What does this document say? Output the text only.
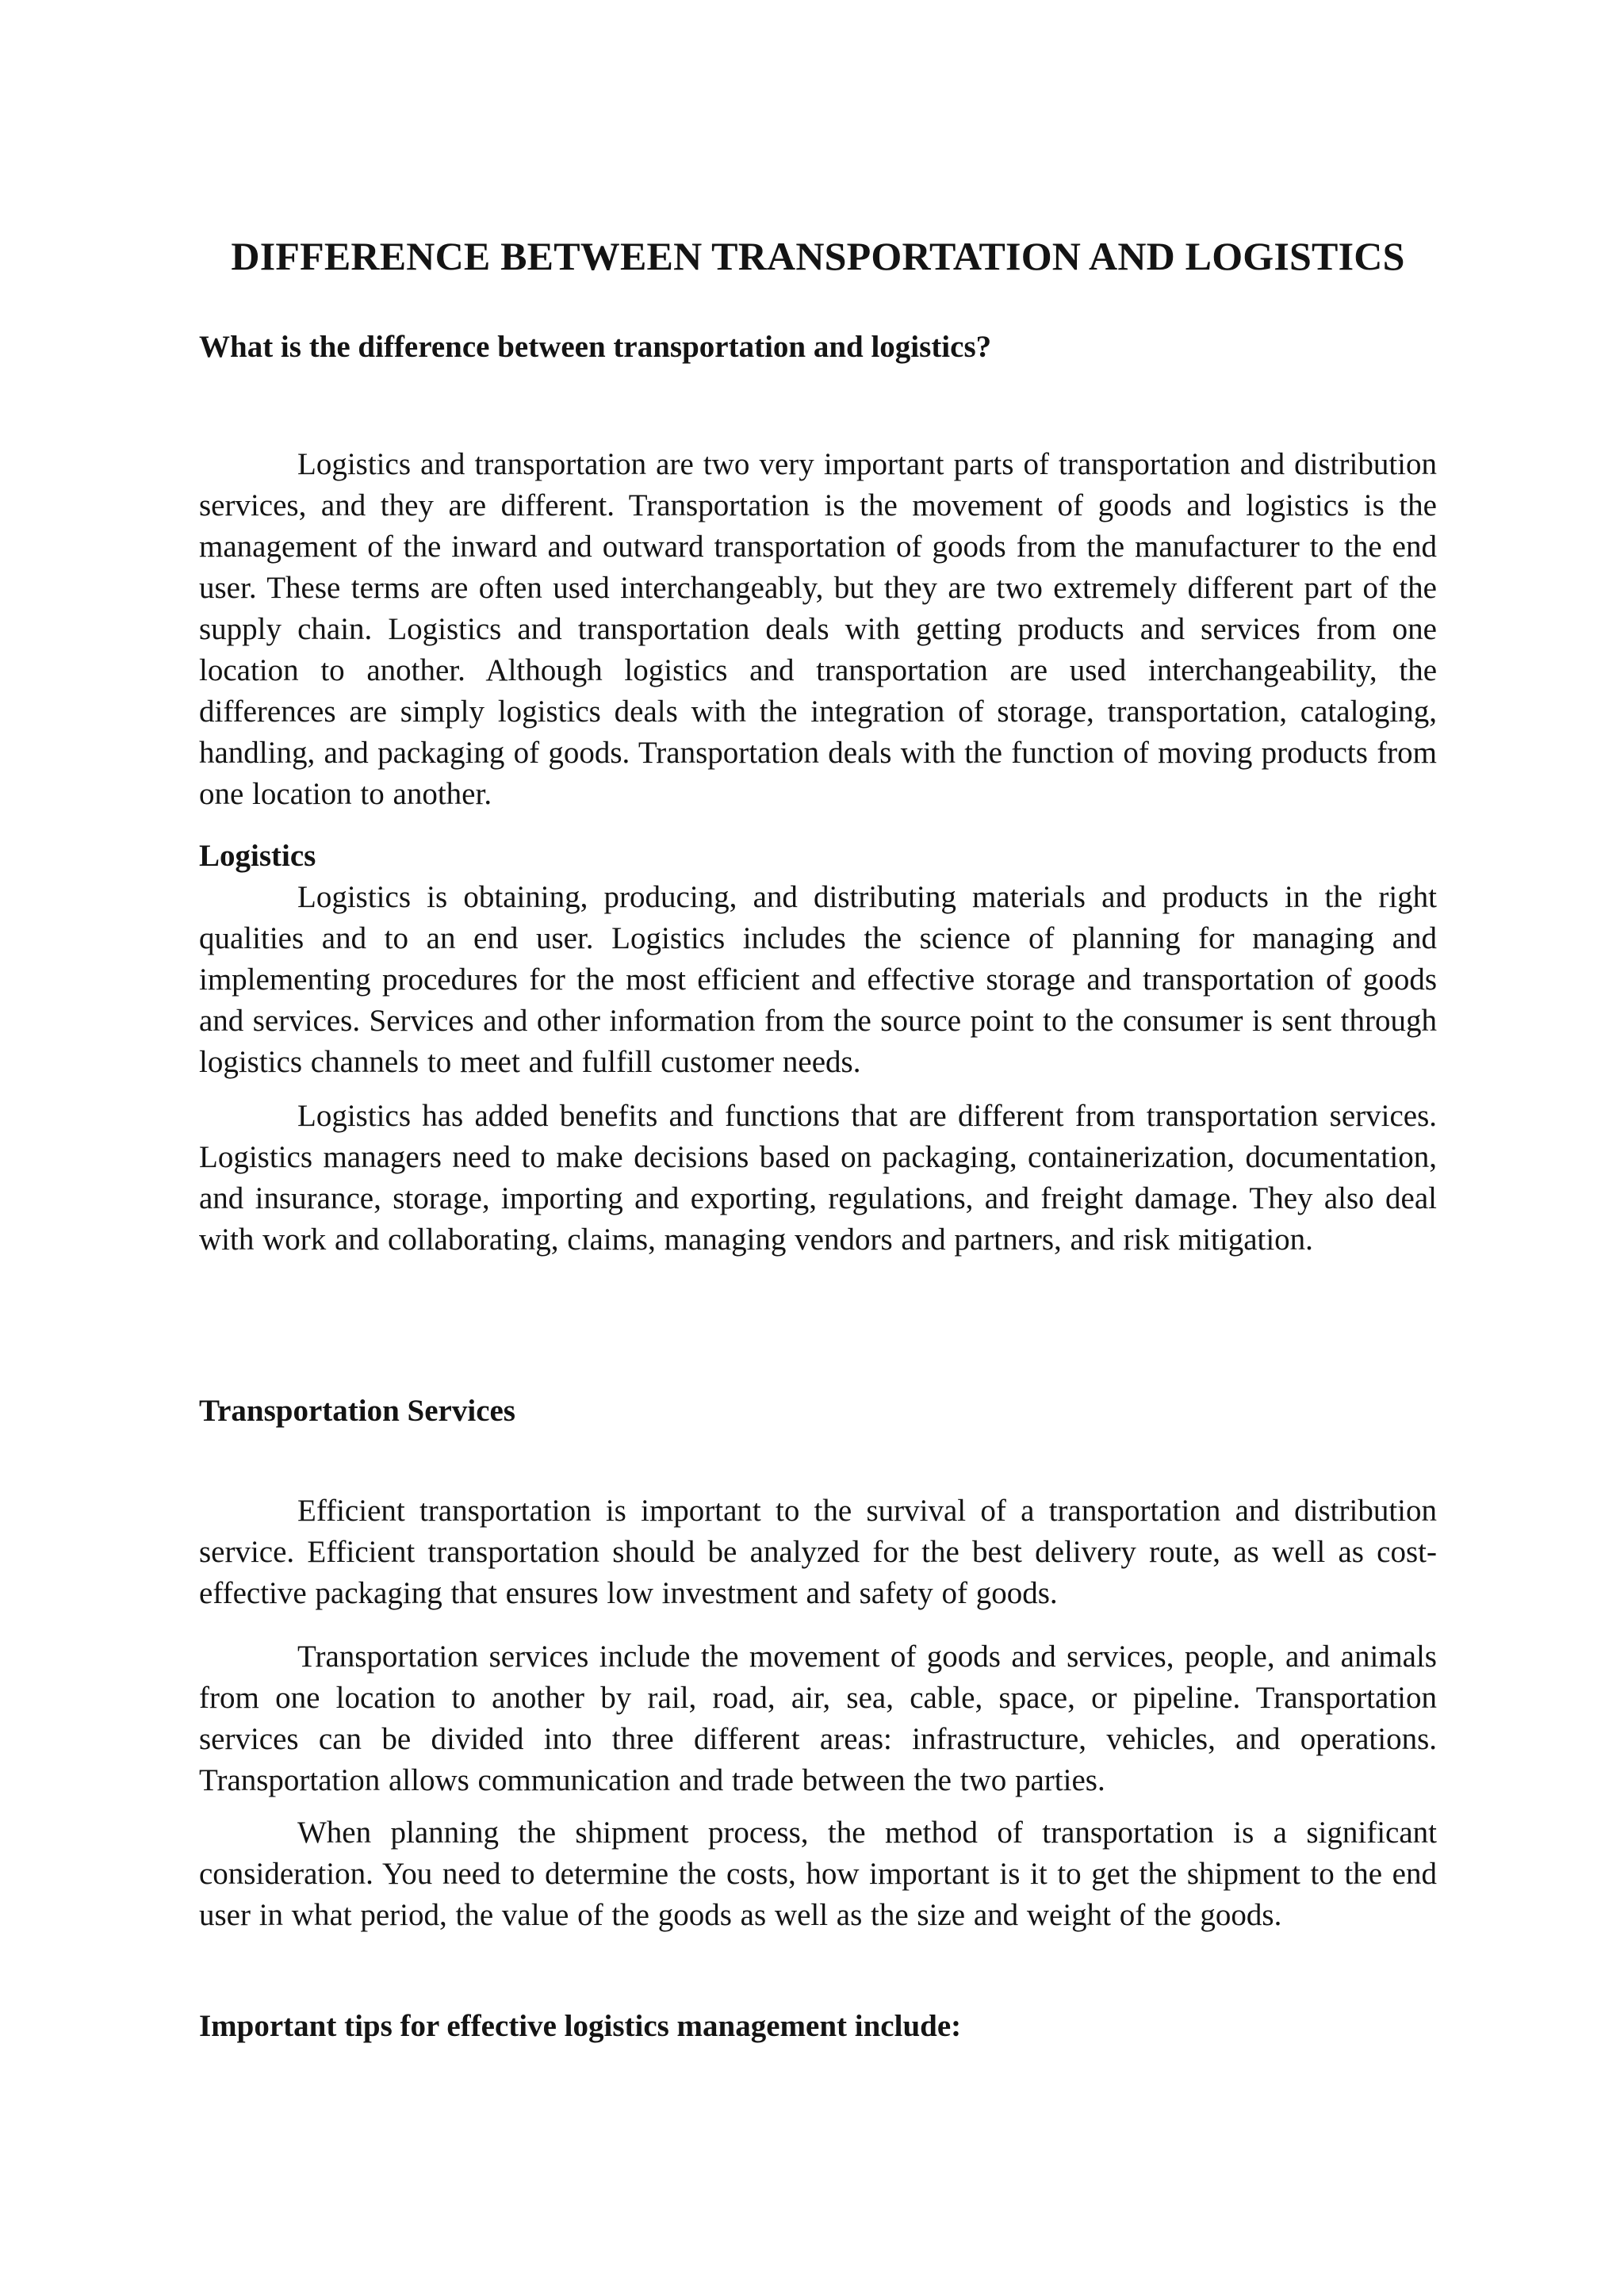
DIFFERENCE BETWEEN TRANSPORTATION AND LOGISTICS
What is the difference between transportation and logistics?

Logistics and transportation are two very important parts of transportation and distribution services, and they are different. Transportation is the movement of goods and logistics is the management of the inward and outward transportation of goods from the manufacturer to the end user. These terms are often used interchangeably, but they are two extremely different part of the supply chain. Logistics and transportation deals with getting products and services from one location to another. Although logistics and transportation are used interchangeability, the differences are simply logistics deals with the integration of storage, transportation, cataloging, handling, and packaging of goods. Transportation deals with the function of moving products from one location to another.

Logistics

Logistics is obtaining, producing, and distributing materials and products in the right qualities and to an end user. Logistics includes the science of planning for managing and implementing procedures for the most efficient and effective storage and transportation of goods and services. Services and other information from the source point to the consumer is sent through logistics channels to meet and fulfill customer needs.

Logistics has added benefits and functions that are different from transportation services. Logistics managers need to make decisions based on packaging, containerization, documentation, and insurance, storage, importing and exporting, regulations, and freight damage. They also deal with work and collaborating, claims, managing vendors and partners, and risk mitigation.

Transportation Services

Efficient transportation is important to the survival of a transportation and distribution service. Efficient transportation should be analyzed for the best delivery route, as well as cost-effective packaging that ensures low investment and safety of goods.

Transportation services include the movement of goods and services, people, and animals from one location to another by rail, road, air, sea, cable, space, or pipeline. Transportation services can be divided into three different areas: infrastructure, vehicles, and operations. Transportation allows communication and trade between the two parties.

When planning the shipment process, the method of transportation is a significant consideration. You need to determine the costs, how important is it to get the shipment to the end user in what period, the value of the goods as well as the size and weight of the goods.

Important tips for effective logistics management include:
